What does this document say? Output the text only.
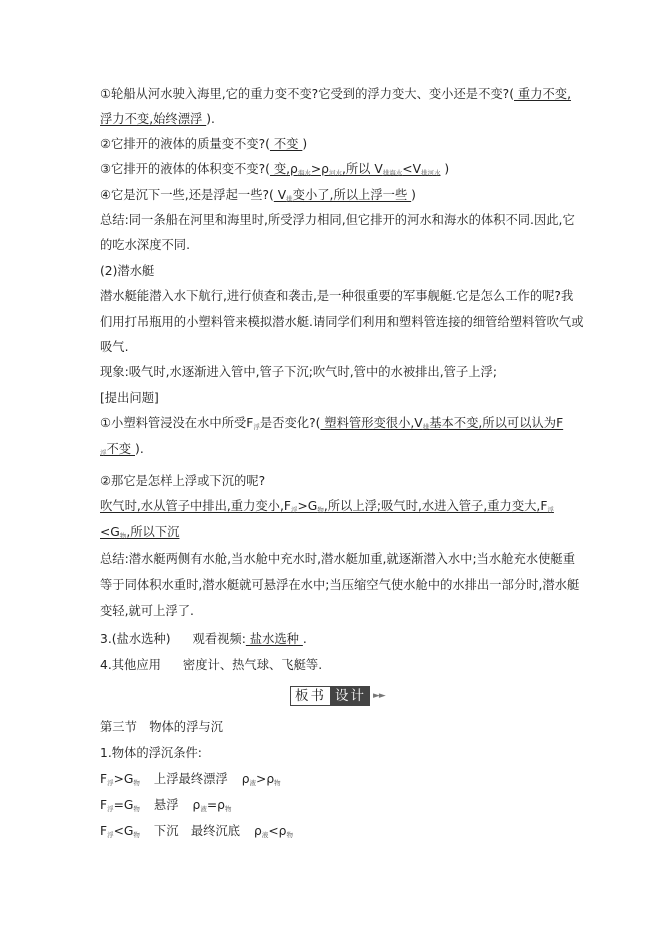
①轮船从河水驶入海里,它的重力变不变?它受到的浮力变大、变小还是不变?( 重力不变,
浮力不变,始终漂浮 ).
②它排开的液体的质量变不变?( 不变 )
③它排开的液体的体积变不变?( 变$,\rho_{海水}>\rho_{河水}$,所以 $V_{排海水}<V_{排河水}$ )
④它是沉下一些,还是浮起一些?( $V_排$变小了,所以上浮一些 )
总结:同一条船在河里和海里时,所受浮力相同,但它排开的河水和海水的体积不同.因此,它
的吃水深度不同.
(2)潜水艇
潜水艇能潜入水下航行,进行侦查和袭击,是一种很重要的军事舰艇.它是怎么工作的呢?我
们用打吊瓶用的小塑料管来模拟潜水艇.请同学们利用和塑料管连接的细管给塑料管吹气或
吸气.
现象:吸气时,水逐渐进入管中,管子下沉;吹气时,管中的水被排出,管子上浮;
[提出问题]
①小塑料管浸没在水中所受$F_浮$是否变化?( 塑料管形变很小$,V_排$基本不变,所以可以认为F
$_浮$不变 ).
②那它是怎样上浮或下沉的呢?
吹气时,水从管子中排出,重力变小$,F_浮>G_物$,所以上浮;吸气时,水进入管子,重力变大$,F_浮$
$<G_物$,所以下沉
总结:潜水艇两侧有水舱,当水舱中充水时,潜水艇加重,就逐渐潜入水中;当水舱充水使艇重
等于同体积水重时,潜水艇就可悬浮在水中;当压缩空气使水舱中的水排出一部分时,潜水艇
变轻,就可上浮了.
3.(盐水选种) 观看视频: 盐水选种 .
4.其他应用 密度计、热气球、飞艇等.
板书 设计 ►►
第三节　物体的浮与沉
1.物体的浮沉条件:
$F_浮>G_物$ 上浮最终漂浮 $\rho_液>\rho_物$
$F_浮=G_物$ 悬浮 $\rho_液=\rho_物$
$F_浮<G_物$ 下沉　最终沉底 $\rho_液<\rho_物$
